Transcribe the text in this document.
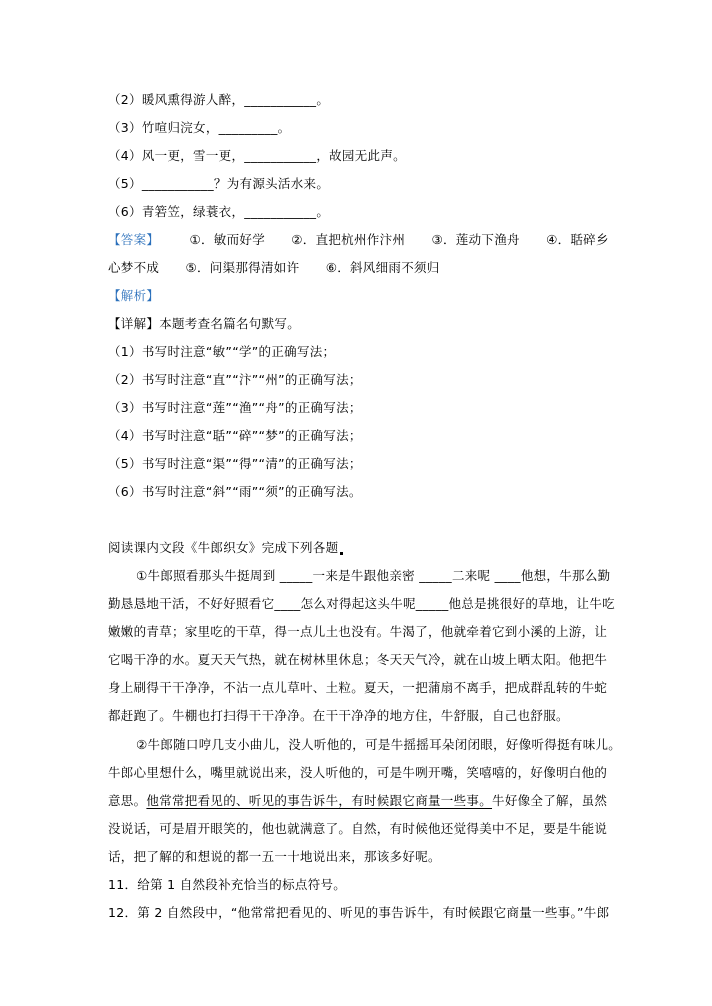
（2）暖风熏得游人醉，___________。
（3）竹喧归浣女，_________。
（4）风一更，雪一更，___________，故园无此声。
（5）___________？为有源头活水来。
（6）青箬笠，绿蓑衣，___________。
【答案】 ①．敏而好学 ②．直把杭州作汴州 ③．莲动下渔舟 ④．聒碎乡
心梦不成 ⑤．问渠那得清如许 ⑥．斜风细雨不须归
【解析】
【详解】本题考查名篇名句默写。
（1）书写时注意“敏”“学”的正确写法；
（2）书写时注意“直”“汴”“州”的正确写法；
（3）书写时注意“莲”“渔”“舟”的正确写法；
（4）书写时注意“聒”“碎”“梦”的正确写法；
（5）书写时注意“渠”“得”“清”的正确写法；
（6）书写时注意“斜”“雨”“须”的正确写法。
阅读课内文段《牛郎织女》完成下列各题
①牛郎照看那头牛挺周到 _____一来是牛跟他亲密 _____二来呢 ____他想，牛那么勤
勤恳恳地干活，不好好照看它____怎么对得起这头牛呢_____他总是挑很好的草地，让牛吃
嫩嫩的青草；家里吃的干草，得一点儿土也没有。牛渴了，他就牵着它到小溪的上游，让
它喝干净的水。夏天天气热，就在树林里休息；冬天天气冷，就在山坡上晒太阳。他把牛
身上刷得干干净净，不沾一点儿草叶、土粒。夏天，一把蒲扇不离手，把成群乱转的牛蛇
都赶跑了。牛棚也打扫得干干净净。在干干净净的地方住，牛舒服，自己也舒服。
②牛郎随口哼几支小曲儿，没人听他的，可是牛摇摇耳朵闭闭眼，好像听得挺有味儿。
牛郎心里想什么，嘴里就说出来，没人听他的，可是牛咧开嘴，笑嘻嘻的，好像明白他的
意思。他常常把看见的、听见的事告诉牛，有时候跟它商量一些事。牛好像全了解，虽然
没说话，可是眉开眼笑的，他也就满意了。自然，有时候他还觉得美中不足，要是牛能说
话，把了解的和想说的都一五一十地说出来，那该多好呢。
11．给第 1 自然段补充恰当的标点符号。
12．第 2 自然段中，“他常常把看见的、听见的事告诉牛，有时候跟它商量一些事。”牛郎
